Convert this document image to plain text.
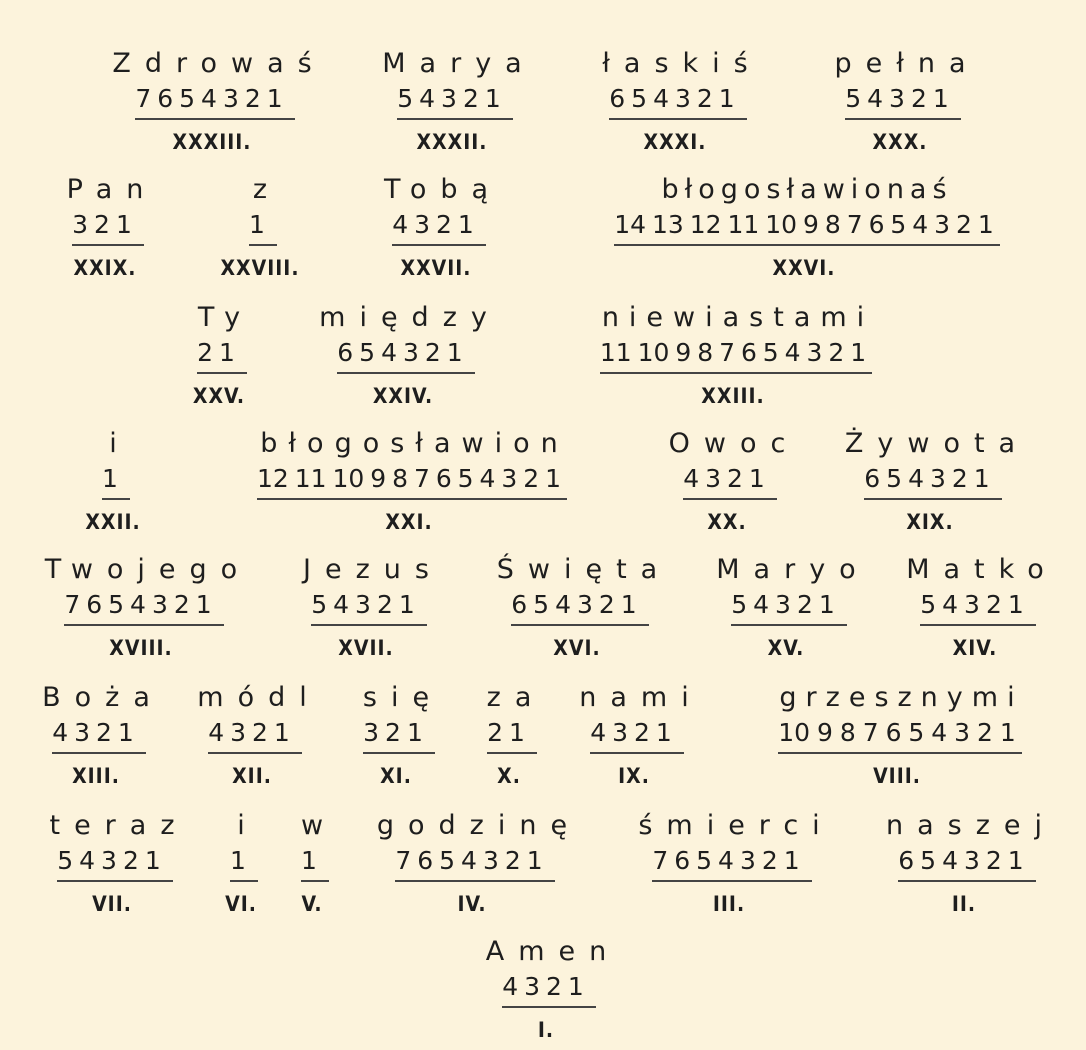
Zdrowaś
7654321
XXXIII.
Marya
54321
XXXII.
łaskiś
654321
XXXI.
pełna
54321
XXX.
Pan
321
XXIX.
z
1
XXVIII.
Tobą
4321
XXVII.
błogosławionaś
14 13 12 11 10 9 8 7 6 5 4 3 2 1
XXVI.
Ty
21
XXV.
między
654321
XXIV.
niewiastami
11 10 9 8 7 6 5 4 3 2 1
XXIII.
i
1
XXII.
błogosławion
12 11 10 9 8 7 6 5 4 3 2 1
XXI.
Owoc
4321
XX.
Żywota
654321
XIX.
Twojego
7654321
XVIII.
Jezus
54321
XVII.
Święta
654321
XVI.
Maryo
54321
XV.
Matko
54321
XIV.
Boża
4321
XIII.
módl
4321
XII.
się
321
XI.
za
21
X.
nami
4321
IX.
grzesznymi
10 9 8 7 6 5 4 3 2 1
VIII.
teraz
54321
VII.
i
1
VI.
w
1
V.
godzinę
7654321
IV.
śmierci
7654321
III.
naszej
654321
II.
Amen
4321
I.
